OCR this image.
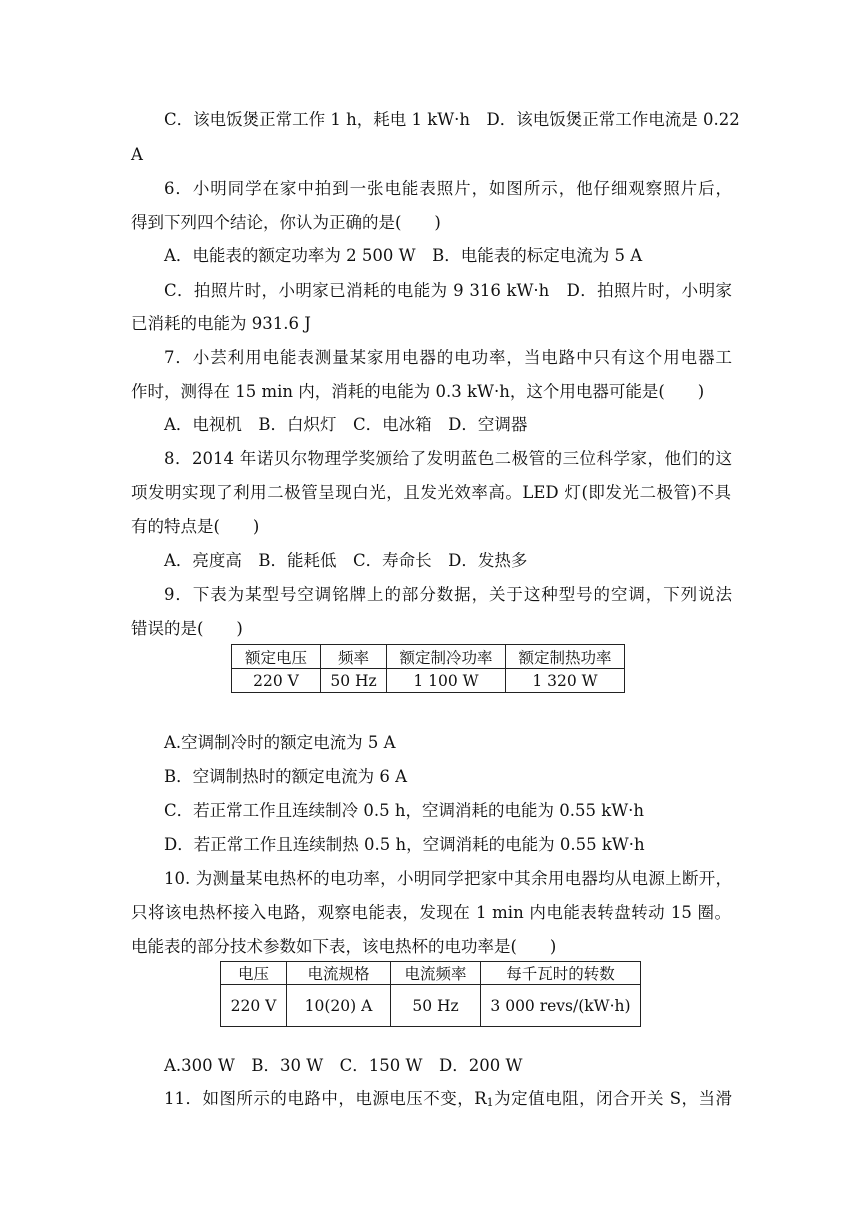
C．该电饭煲正常工作 1 h，耗电 1 kW·h　D．该电饭煲正常工作电流是 0.22
A
6．小明同学在家中拍到一张电能表照片，如图所示，他仔细观察照片后，
得到下列四个结论，你认为正确的是(　　)
A．电能表的额定功率为 2 500 W　B．电能表的标定电流为 5 A
C．拍照片时，小明家已消耗的电能为 9 316 kW·h　D．拍照片时，小明家
已消耗的电能为 931.6 J
7．小芸利用电能表测量某家用电器的电功率，当电路中只有这个用电器工
作时，测得在 15 min 内，消耗的电能为 0.3 kW·h，这个用电器可能是(　　)
A．电视机　B．白炽灯　C．电冰箱　D．空调器
8．2014 年诺贝尔物理学奖颁给了发明蓝色二极管的三位科学家，他们的这
项发明实现了利用二极管呈现白光，且发光效率高。LED 灯(即发光二极管)不具
有的特点是(　　)
A．亮度高　B．能耗低　C．寿命长　D．发热多
9．下表为某型号空调铭牌上的部分数据，关于这种型号的空调，下列说法
错误的是(　　)
额定电压	频率	额定制冷功率	额定制热功率
220 V	50 Hz	1 100 W	1 320 W
A.空调制冷时的额定电流为 5 A
B．空调制热时的额定电流为 6 A
C．若正常工作且连续制冷 0.5 h，空调消耗的电能为 0.55 kW·h
D．若正常工作且连续制热 0.5 h，空调消耗的电能为 0.55 kW·h
10. 为测量某电热杯的电功率，小明同学把家中其余用电器均从电源上断开，
只将该电热杯接入电路，观察电能表，发现在 1 min 内电能表转盘转动 15 圈。
电能表的部分技术参数如下表，该电热杯的电功率是(　　)
电压	电流规格	电流频率	每千瓦时的转数
220 V	10(20) A	50 Hz	3 000 revs/(kW·h)
A.300 W　B．30 W　C．150 W　D．200 W
11．如图所示的电路中，电源电压不变，$R_1$为定值电阻，闭合开关 S，当滑
